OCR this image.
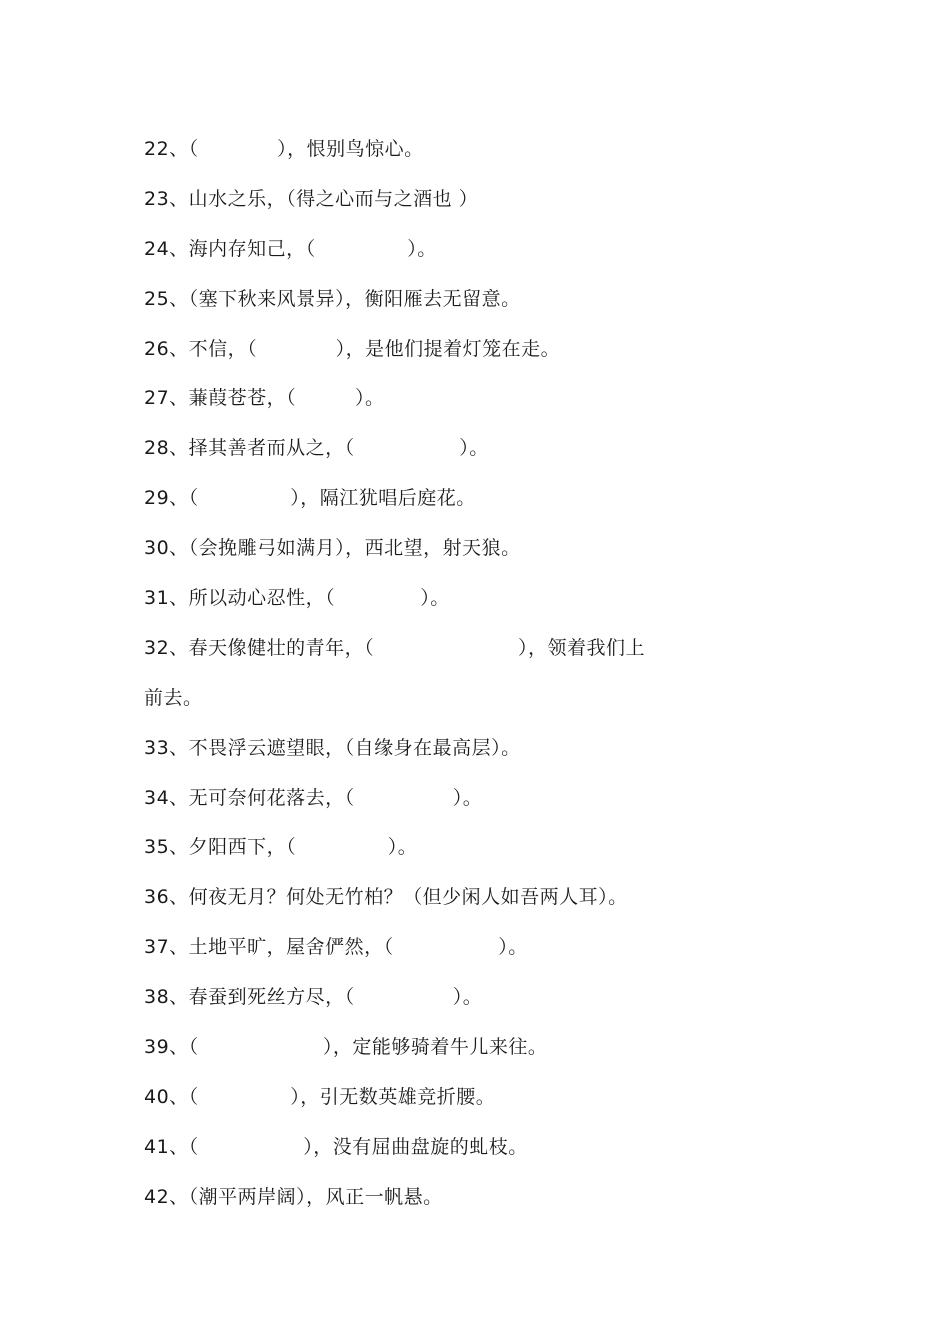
22、（            ），恨别鸟惊心。
23、山水之乐，（得之心而与之酒也 ）
24、海内存知己，（              ）。
25、（塞下秋来风景异），衡阳雁去无留意。
26、不信，（            ），是他们提着灯笼在走。
27、蒹葭苍苍，（         ）。
28、择其善者而从之，（                ）。
29、（              ），隔江犹唱后庭花。
30、（会挽雕弓如满月），西北望，射天狼。
31、所以动心忍性，（             ）。
32、春天像健壮的青年，（                      ），领着我们上
前去。
33、不畏浮云遮望眼，（自缘身在最高层）。
34、无可奈何花落去，（               ）。
35、夕阳西下，（              ）。
36、何夜无月？何处无竹柏？（但少闲人如吾两人耳）。
37、土地平旷，屋舍俨然，（                ）。
38、春蚕到死丝方尽，（               ）。
39、（                   ），定能够骑着牛儿来往。
40、（              ），引无数英雄竞折腰。
41、（                ），没有屈曲盘旋的虬枝。
42、（潮平两岸阔），风正一帆悬。
